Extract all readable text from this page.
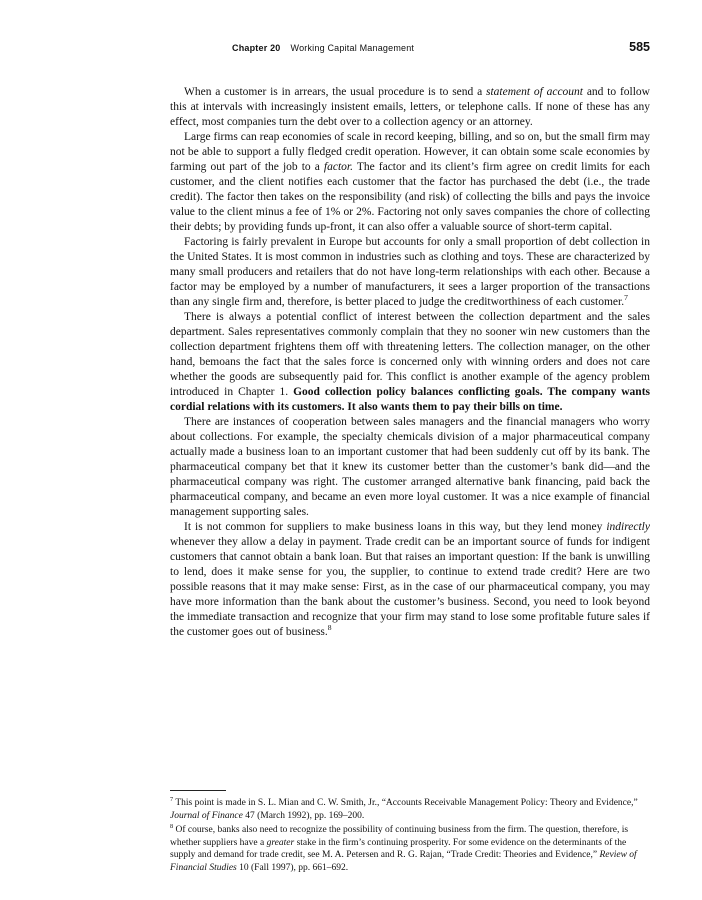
Chapter 20 Working Capital Management	585

When a customer is in arrears, the usual procedure is to send a statement of account and to follow this at intervals with increasingly insistent emails, letters, or telephone calls. If none of these has any effect, most companies turn the debt over to a collection agency or an attorney.

Large firms can reap economies of scale in record keeping, billing, and so on, but the small firm may not be able to support a fully fledged credit operation. However, it can obtain some scale economies by farming out part of the job to a factor. The factor and its client’s firm agree on credit limits for each customer, and the client notifies each customer that the factor has purchased the debt (i.e., the trade credit). The factor then takes on the responsibility (and risk) of collecting the bills and pays the invoice value to the client minus a fee of 1% or 2%. Factoring not only saves companies the chore of collecting their debts; by providing funds up-front, it can also offer a valuable source of short-term capital.

Factoring is fairly prevalent in Europe but accounts for only a small proportion of debt collection in the United States. It is most common in industries such as clothing and toys. These are characterized by many small producers and retailers that do not have long-term relationships with each other. Because a factor may be employed by a number of manufacturers, it sees a larger proportion of the transactions than any single firm and, therefore, is better placed to judge the creditworthiness of each customer.$^7$

There is always a potential conflict of interest between the collection department and the sales department. Sales representatives commonly complain that they no sooner win new customers than the collection department frightens them off with threatening letters. The collection manager, on the other hand, bemoans the fact that the sales force is concerned only with winning orders and does not care whether the goods are subsequently paid for. This conflict is another example of the agency problem introduced in Chapter 1. Good collection policy balances conflicting goals. The company wants cordial relations with its customers. It also wants them to pay their bills on time.

There are instances of cooperation between sales managers and the financial managers who worry about collections. For example, the specialty chemicals division of a major pharmaceutical company actually made a business loan to an important customer that had been suddenly cut off by its bank. The pharmaceutical company bet that it knew its customer better than the customer’s bank did—and the pharmaceutical company was right. The customer arranged alternative bank financing, paid back the pharmaceutical company, and became an even more loyal customer. It was a nice example of financial management supporting sales.

It is not common for suppliers to make business loans in this way, but they lend money indirectly whenever they allow a delay in payment. Trade credit can be an important source of funds for indigent customers that cannot obtain a bank loan. But that raises an important question: If the bank is unwilling to lend, does it make sense for you, the supplier, to continue to extend trade credit? Here are two possible reasons that it may make sense: First, as in the case of our pharmaceutical company, you may have more information than the bank about the customer’s business. Second, you need to look beyond the immediate transaction and recognize that your firm may stand to lose some profitable future sales if the customer goes out of business.$^8$

$^7$ This point is made in S. L. Mian and C. W. Smith, Jr., “Accounts Receivable Management Policy: Theory and Evidence,” Journal of Finance 47 (March 1992), pp. 169–200.

$^8$ Of course, banks also need to recognize the possibility of continuing business from the firm. The question, therefore, is whether suppliers have a greater stake in the firm’s continuing prosperity. For some evidence on the determinants of the supply and demand for trade credit, see M. A. Petersen and R. G. Rajan, “Trade Credit: Theories and Evidence,” Review of Financial Studies 10 (Fall 1997), pp. 661–692.
